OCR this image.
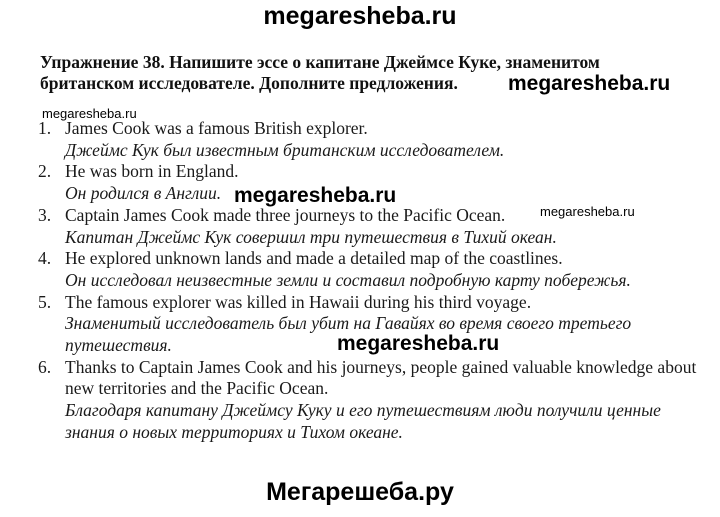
megaresheba.ru
Упражнение 38. Напишите эссе о капитане Джеймсе Куке, знаменитом
британском исследователе. Дополните предложения.
1. James Cook was a famous British explorer.
Джеймс Кук был известным британским исследователем.
2. He was born in England.
Он родился в Англии.
3. Captain James Cook made three journeys to the Pacific Ocean.
Капитан Джеймс Кук совершил три путешествия в Тихий океан.
4. He explored unknown lands and made a detailed map of the coastlines.
Он исследовал неизвестные земли и составил подробную карту побережья.
5. The famous explorer was killed in Hawaii during his third voyage.
Знаменитый исследователь был убит на Гавайях во время своего третьего путешествия.
6. Thanks to Captain James Cook and his journeys, people gained valuable knowledge about new territories and the Pacific Ocean.
Благодаря капитану Джеймсу Куку и его путешествиям люди получили ценные знания о новых территориях и Тихом океане.
megaresheba.ru
megaresheba.ru
megaresheba.ru
megaresheba.ru
megaresheba.ru
Мегарешеба.ру
